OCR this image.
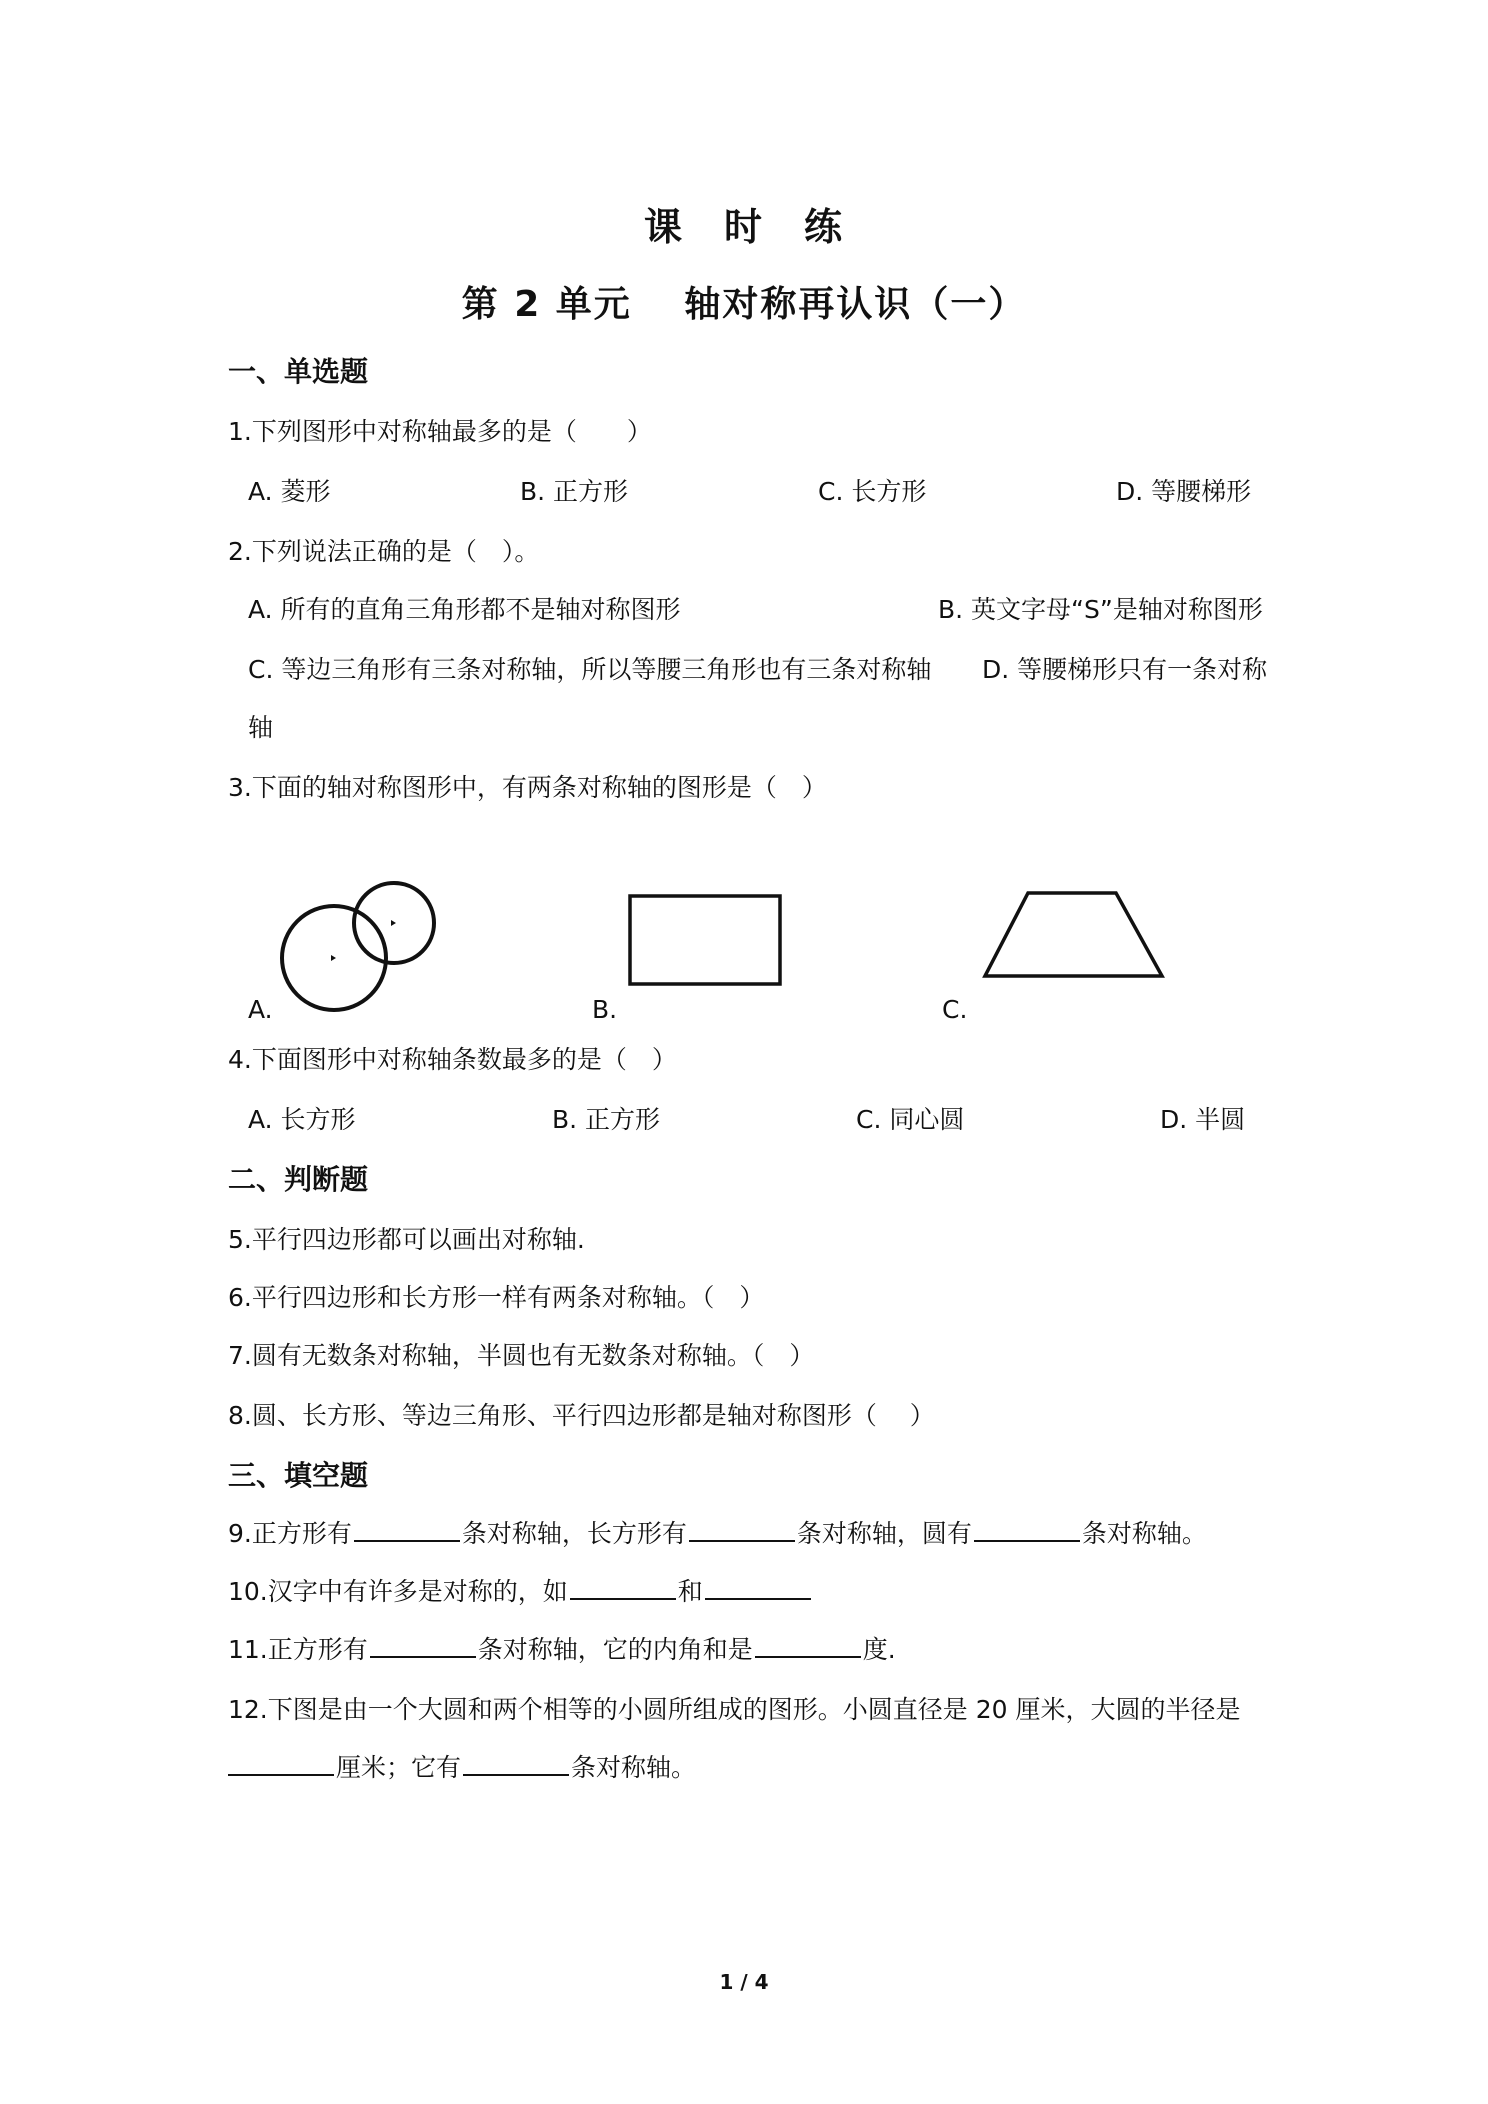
课　时　练
第 2 单元　 轴对称再认识（一）
一、单选题
1.下列图形中对称轴最多的是（　　）
A. 菱形	B. 正方形	C. 长方形	D. 等腰梯形
2.下列说法正确的是（　）。
A. 所有的直角三角形都不是轴对称图形	B. 英文字母“S”是轴对称图形
C. 等边三角形有三条对称轴，所以等腰三角形也有三条对称轴 D. 等腰梯形只有一条对称
轴
3.下面的轴对称图形中，有两条对称轴的图形是（　）
A.	B.	C.
4.下面图形中对称轴条数最多的是（　）
A. 长方形	B. 正方形	C. 同心圆	D. 半圆
二、判断题
5.平行四边形都可以画出对称轴.
6.平行四边形和长方形一样有两条对称轴。（　）
7.圆有无数条对称轴，半圆也有无数条对称轴。（　）
8.圆、长方形、等边三角形、平行四边形都是轴对称图形（　 ）
三、填空题
9.正方形有	条对称轴，长方形有	条对称轴，圆有	条对称轴。
10.汉字中有许多是对称的，如	和
11.正方形有	条对称轴，它的内角和是	度.
12.下图是由一个大圆和两个相等的小圆所组成的图形。小圆直径是 20 厘米，大圆的半径是
厘米；它有	条对称轴。
1 / 4
